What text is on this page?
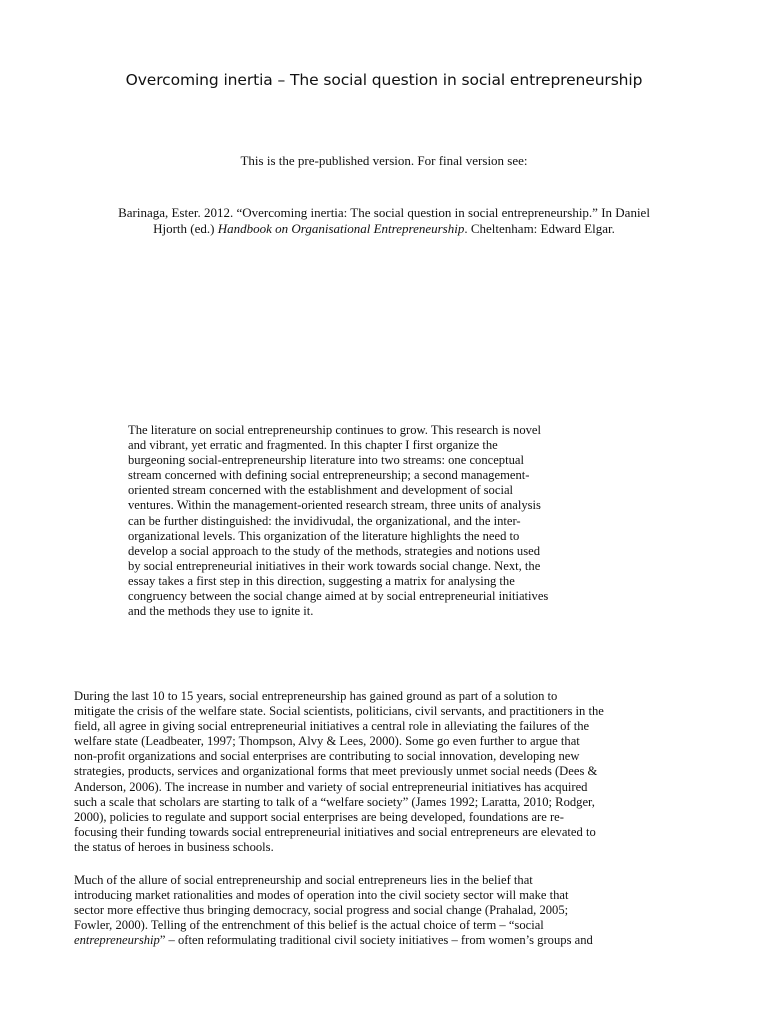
Overcoming inertia – The social question in social entrepreneurship
This is the pre-published version. For final version see:
Barinaga, Ester. 2012. “Overcoming inertia: The social question in social entrepreneurship.” In Daniel
Hjorth (ed.) Handbook on Organisational Entrepreneurship. Cheltenham: Edward Elgar.
The literature on social entrepreneurship continues to grow. This research is novel
and vibrant, yet erratic and fragmented. In this chapter I first organize the
burgeoning social-entrepreneurship literature into two streams: one conceptual
stream concerned with defining social entrepreneurship; a second management-
oriented stream concerned with the establishment and development of social
ventures. Within the management-oriented research stream, three units of analysis
can be further distinguished: the invidivudal, the organizational, and the inter-
organizational levels. This organization of the literature highlights the need to
develop a social approach to the study of the methods, strategies and notions used
by social entrepreneurial initiatives in their work towards social change. Next, the
essay takes a first step in this direction, suggesting a matrix for analysing the
congruency between the social change aimed at by social entrepreneurial initiatives
and the methods they use to ignite it.
During the last 10 to 15 years, social entrepreneurship has gained ground as part of a solution to
mitigate the crisis of the welfare state. Social scientists, politicians, civil servants, and practitioners in the
field, all agree in giving social entrepreneurial initiatives a central role in alleviating the failures of the
welfare state (Leadbeater, 1997; Thompson, Alvy & Lees, 2000). Some go even further to argue that
non-profit organizations and social enterprises are contributing to social innovation, developing new
strategies, products, services and organizational forms that meet previously unmet social needs (Dees &
Anderson, 2006). The increase in number and variety of social entrepreneurial initiatives has acquired
such a scale that scholars are starting to talk of a “welfare society” (James 1992; Laratta, 2010; Rodger,
2000), policies to regulate and support social enterprises are being developed, foundations are re-
focusing their funding towards social entrepreneurial initiatives and social entrepreneurs are elevated to
the status of heroes in business schools.
Much of the allure of social entrepreneurship and social entrepreneurs lies in the belief that
introducing market rationalities and modes of operation into the civil society sector will make that
sector more effective thus bringing democracy, social progress and social change (Prahalad, 2005;
Fowler, 2000). Telling of the entrenchment of this belief is the actual choice of term – “social
entrepreneurship” – often reformulating traditional civil society initiatives – from women’s groups and
